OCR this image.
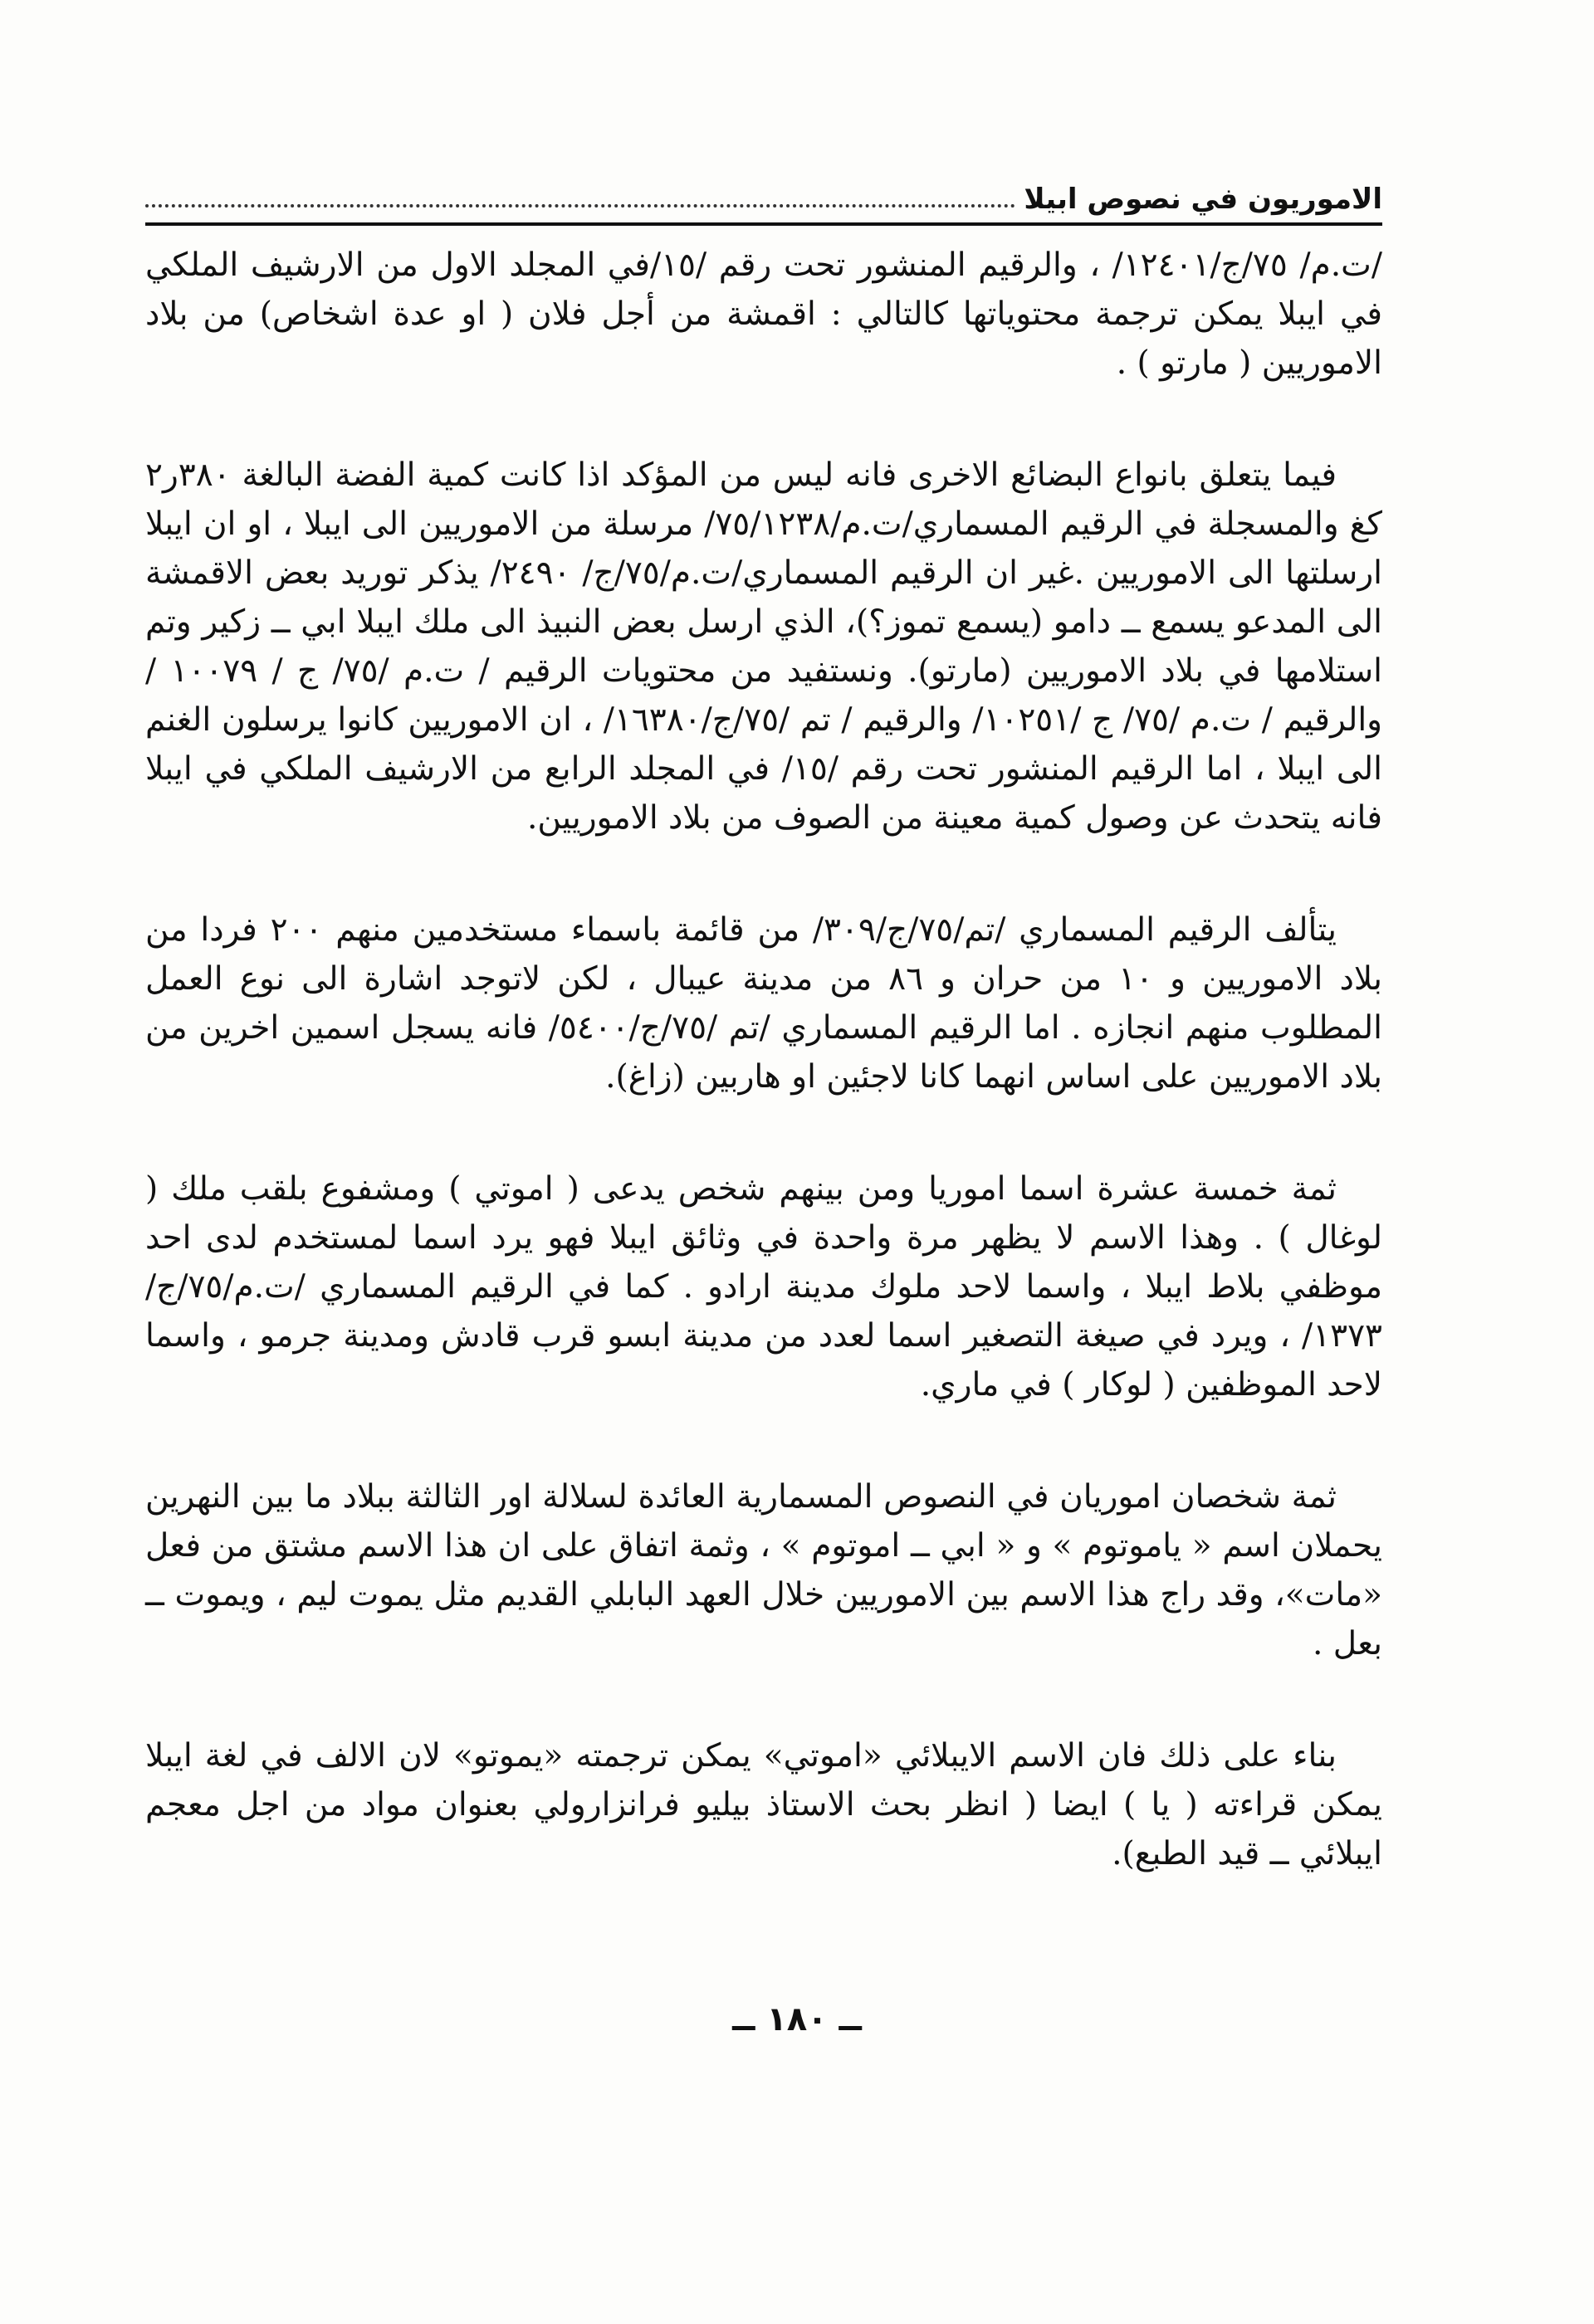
الاموريون في نصوص ابيلا

/ت.م/ ٧٥/ج/١٢٤٠١/ ، والرقيم المنشور تحت رقم /١٥/في المجلد الاول من الارشيف الملكي في ايبلا يمكن ترجمة محتوياتها كالتالي : اقمشة من أجل فلان ( او عدة اشخاص) من بلاد الاموريين ( مارتو ) .

فيما يتعلق بانواع البضائع الاخرى فانه ليس من المؤكد اذا كانت كمية الفضة البالغة ٣٨٠ر٢ كغ والمسجلة في الرقيم المسماري/ت.م/٧٥/١٢٣٨/ مرسلة من الاموريين الى ايبلا ، او ان ايبلا ارسلتها الى الاموريين .غير ان الرقيم المسماري/ت.م/٧٥/ج/ ٢٤٩٠/ يذكر توريد بعض الاقمشة الى المدعو يسمع ــ دامو (يسمع تموز؟)، الذي ارسل بعض النبيذ الى ملك ايبلا ابي ــ زكير وتم استلامها في بلاد الاموريين (مارتو). ونستفيد من محتويات الرقيم / ت.م /٧٥/ ج / ١٠٠٧٩ / والرقيم / ت.م /٧٥/ ج /١٠٢٥١/ والرقيم / تم /٧٥/ج/١٦٣٨٠/ ، ان الاموريين كانوا يرسلون الغنم الى ايبلا ، اما الرقيم المنشور تحت رقم /١٥/ في المجلد الرابع من الارشيف الملكي في ايبلا فانه يتحدث عن وصول كمية معينة من الصوف من بلاد الاموريين.

يتألف الرقيم المسماري /تم/٧٥/ج/٣٠٩/ من قائمة باسماء مستخدمين منهم ٢٠٠ فردا من بلاد الاموريين و ١٠ من حران و ٨٦ من مدينة عيبال ، لكن لاتوجد اشارة الى نوع العمل المطلوب منهم انجازه . اما الرقيم المسماري /تم /٧٥/ج/٥٤٠٠/ فانه يسجل اسمين اخرين من بلاد الاموريين على اساس انهما كانا لاجئين او هاربين (زاغ).

ثمة خمسة عشرة اسما اموريا ومن بينهم شخص يدعى ( اموتي ) ومشفوع بلقب ملك ( لوغال ) . وهذا الاسم لا يظهر مرة واحدة في وثائق ايبلا فهو يرد اسما لمستخدم لدى احد موظفي بلاط ايبلا ، واسما لاحد ملوك مدينة ارادو . كما في الرقيم المسماري /ت.م/٧٥/ج/١٣٧٣/ ، ويرد في صيغة التصغير اسما لعدد من مدينة ابسو قرب قادش ومدينة جرمو ، واسما لاحد الموظفين ( لوكار ) في ماري.

ثمة شخصان اموريان في النصوص المسمارية العائدة لسلالة اور الثالثة ببلاد ما بين النهرين يحملان اسم « ياموتوم » و « ابي ــ اموتوم » ، وثمة اتفاق على ان هذا الاسم مشتق من فعل «مات»، وقد راج هذا الاسم بين الاموريين خلال العهد البابلي القديم مثل يموت ليم ، ويموت ــ بعل .

بناء على ذلك فان الاسم الايبلائي «اموتي» يمكن ترجمته «يموتو» لان الالف في لغة ايبلا يمكن قراءته ( يا ) ايضا ( انظر بحث الاستاذ بيليو فرانزارولي بعنوان مواد من اجل معجم ايبلائي ــ قيد الطبع).

ــ ١٨٠ ــ
